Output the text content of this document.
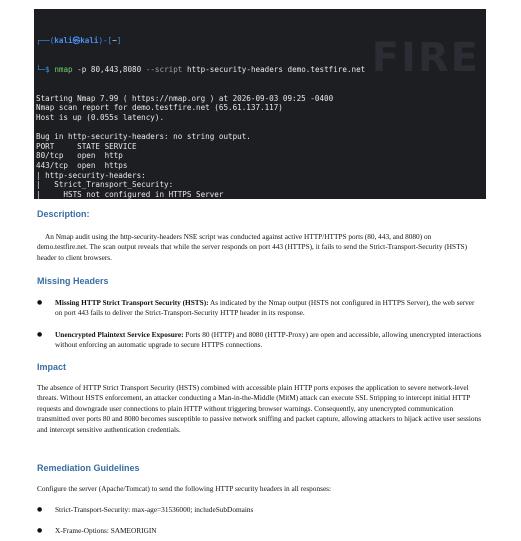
FIRE

┌──(kali㉿kali)-[~]

└─$ nmap -p 80,443,8080 --script http-security-headers demo.testfire.net

Starting Nmap 7.99 ( https://nmap.org ) at 2026-09-03 09:25 -0400
Nmap scan report for demo.testfire.net (65.61.137.117)
Host is up (0.055s latency).
Bug in http-security-headers: no string output.
PORT     STATE SERVICE
80/tcp   open  http
443/tcp  open  https
| http-security-headers:
|   Strict_Transport_Security:
|     HSTS not configured in HTTPS Server

Description:
An Nmap audit using the http-security-headers NSE script was conducted against active HTTP/HTTPS ports (80, 443, and 8080) on demo.testfire.net. The scan output reveals that while the server responds on port 443 (HTTPS), it fails to send the Strict-Transport-Security (HSTS) header to client browsers.
Missing Headers
●	Missing HTTP Strict Transport Security (HSTS): As indicated by the Nmap output (HSTS not configured in HTTPS Server), the web server on port 443 fails to deliver the Strict-Transport-Security HTTP header in its response.
●	Unencrypted Plaintext Service Exposure: Ports 80 (HTTP) and 8080 (HTTP-Proxy) are open and accessible, allowing unencrypted interactions without enforcing an automatic upgrade to secure HTTPS connections.
Impact
The absence of HTTP Strict Transport Security (HSTS) combined with accessible plain HTTP ports exposes the application to severe network-level threats. Without HSTS enforcement, an attacker conducting a Man-in-the-Middle (MitM) attack can execute SSL Stripping to intercept initial HTTP requests and downgrade user connections to plain HTTP without triggering browser warnings. Consequently, any unencrypted communication transmitted over ports 80 and 8080 becomes susceptible to passive network sniffing and packet capture, allowing attackers to hijack active user sessions and intercept sensitive authentication credentials.
Remediation Guidelines
Configure the server (Apache/Tomcat) to send the following HTTP security headers in all responses:
●	Strict-Transport-Security: max-age=31536000; includeSubDomains
●	X-Frame-Options: SAMEORIGIN
